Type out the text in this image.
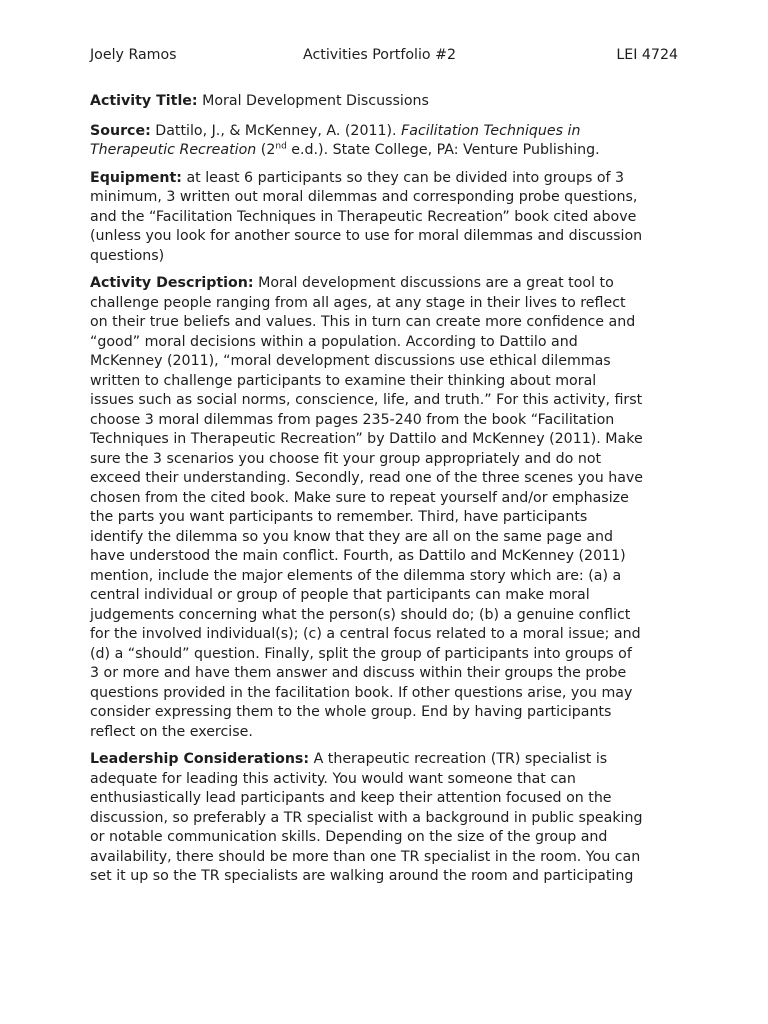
Joely Ramos	Activities Portfolio #2	LEI 4724

Activity Title: Moral Development Discussions

Source: Dattilo, J., & McKenney, A. (2011). Facilitation Techniques in
Therapeutic Recreation (2nd e.d.). State College, PA: Venture Publishing.

Equipment: at least 6 participants so they can be divided into groups of 3
minimum, 3 written out moral dilemmas and corresponding probe questions,
and the “Facilitation Techniques in Therapeutic Recreation” book cited above
(unless you look for another source to use for moral dilemmas and discussion
questions)

Activity Description: Moral development discussions are a great tool to
challenge people ranging from all ages, at any stage in their lives to reflect
on their true beliefs and values. This in turn can create more confidence and
“good” moral decisions within a population. According to Dattilo and
McKenney (2011), “moral development discussions use ethical dilemmas
written to challenge participants to examine their thinking about moral
issues such as social norms, conscience, life, and truth.” For this activity, first
choose 3 moral dilemmas from pages 235-240 from the book “Facilitation
Techniques in Therapeutic Recreation” by Dattilo and McKenney (2011). Make
sure the 3 scenarios you choose fit your group appropriately and do not
exceed their understanding. Secondly, read one of the three scenes you have
chosen from the cited book. Make sure to repeat yourself and/or emphasize
the parts you want participants to remember. Third, have participants
identify the dilemma so you know that they are all on the same page and
have understood the main conflict. Fourth, as Dattilo and McKenney (2011)
mention, include the major elements of the dilemma story which are: (a) a
central individual or group of people that participants can make moral
judgements concerning what the person(s) should do; (b) a genuine conflict
for the involved individual(s); (c) a central focus related to a moral issue; and
(d) a “should” question. Finally, split the group of participants into groups of
3 or more and have them answer and discuss within their groups the probe
questions provided in the facilitation book. If other questions arise, you may
consider expressing them to the whole group. End by having participants
reflect on the exercise.

Leadership Considerations: A therapeutic recreation (TR) specialist is
adequate for leading this activity. You would want someone that can
enthusiastically lead participants and keep their attention focused on the
discussion, so preferably a TR specialist with a background in public speaking
or notable communication skills. Depending on the size of the group and
availability, there should be more than one TR specialist in the room. You can
set it up so the TR specialists are walking around the room and participating
